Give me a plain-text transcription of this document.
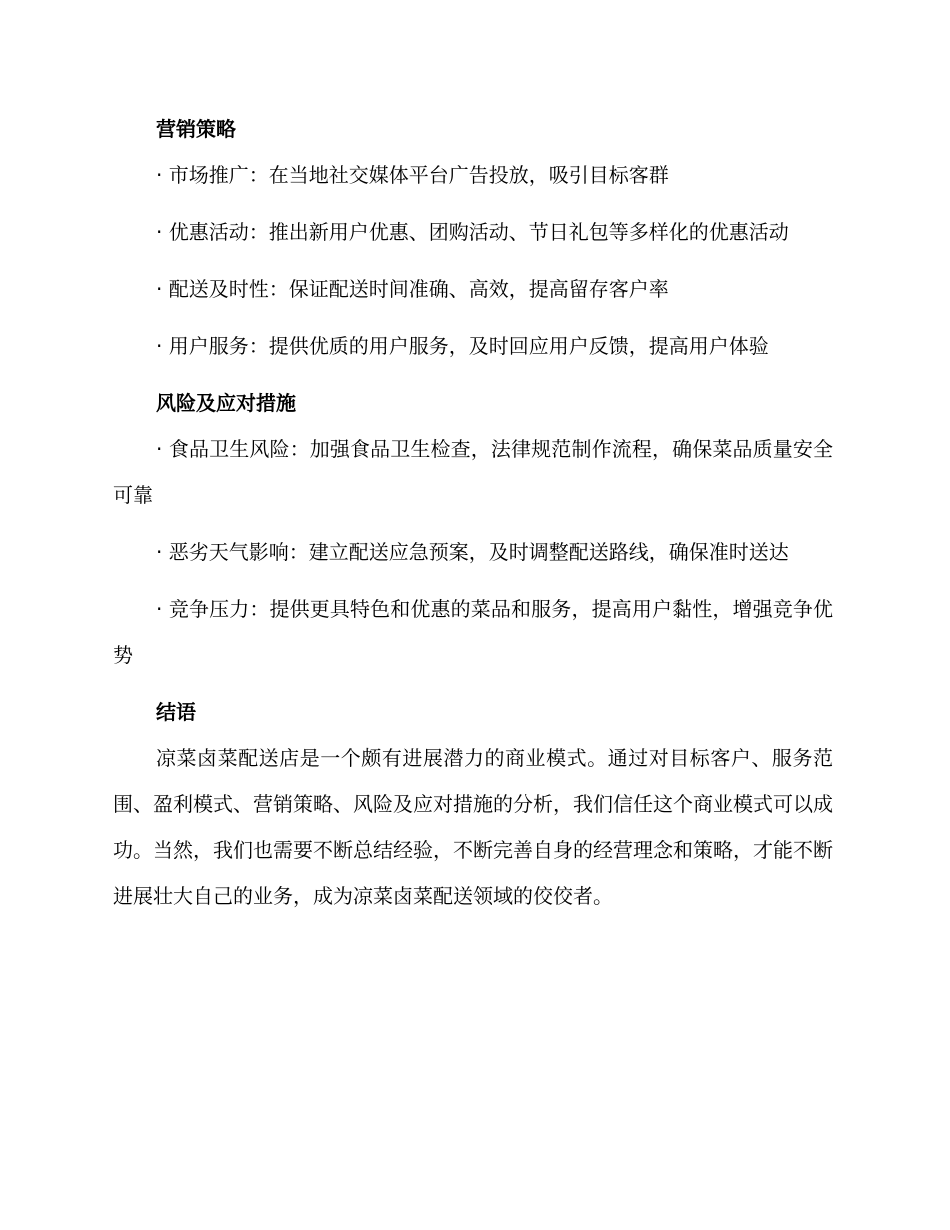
营销策略

· 市场推广：在当地社交媒体平台广告投放，吸引目标客群

· 优惠活动：推出新用户优惠、团购活动、节日礼包等多样化的优惠活动

· 配送及时性：保证配送时间准确、高效，提高留存客户率

· 用户服务：提供优质的用户服务，及时回应用户反馈，提高用户体验

风险及应对措施

· 食品卫生风险：加强食品卫生检查，法律规范制作流程，确保菜品质量安全可靠

· 恶劣天气影响：建立配送应急预案，及时调整配送路线，确保准时送达

· 竞争压力：提供更具特色和优惠的菜品和服务，提高用户黏性，增强竞争优势

结语

凉菜卤菜配送店是一个颇有进展潜力的商业模式。通过对目标客户、服务范围、盈利模式、营销策略、风险及应对措施的分析，我们信任这个商业模式可以成功。当然，我们也需要不断总结经验，不断完善自身的经营理念和策略，才能不断进展壮大自己的业务，成为凉菜卤菜配送领域的佼佼者。
